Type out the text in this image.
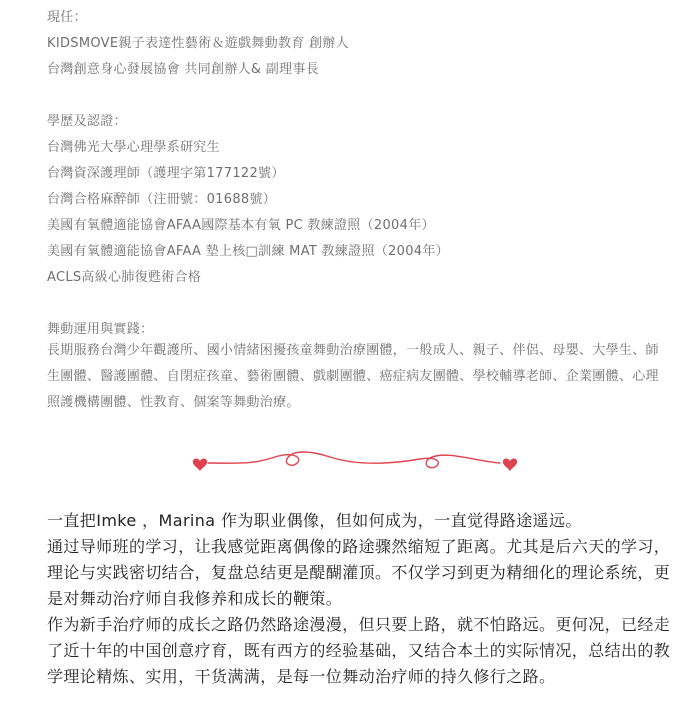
現任：
KIDSMOVE親子表達性藝術＆遊戲舞動教育 創辦人
台灣創意身心發展協會 共同創辦人& 副理事長
學歷及認證：
台灣佛光大學心理學系研究生
台灣資深護理師（護理字第177122號）
台灣合格麻醉師（注冊號：01688號）
美國有氧體適能協會AFAA國際基本有氧 PC 教練證照（2004年）
美國有氧體適能協會AFAA 墊上核□訓練 MAT 教練證照（2004年）
ACLS高級心肺復甦術合格
舞動運用與實踐：
長期服務台灣少年觀護所、國小情緒困擾孩童舞動治療團體，一般成人、親子、伴侶、母嬰、大學生、師生團體、醫護團體、自閉症孩童、藝術團體、戲劇團體、癌症病友團體、學校輔導老師、企業團體、心理照護機構團體、性教育、個案等舞動治療。

一直把Imke ，Marina 作为职业偶像，但如何成为，一直觉得路途遥远。

通过导师班的学习，让我感觉距离偶像的路途骤然缩短了距离。尤其是后六天的学习，理论与实践密切结合，复盘总结更是醍醐灌顶。不仅学习到更为精细化的理论系统，更是对舞动治疗师自我修养和成长的鞭策。

作为新手治疗师的成长之路仍然路途漫漫，但只要上路，就不怕路远。更何况，已经走了近十年的中国创意疗育，既有西方的经验基础，又结合本土的实际情况，总结出的教学理论精炼、实用，干货满满，是每一位舞动治疗师的持久修行之路。
